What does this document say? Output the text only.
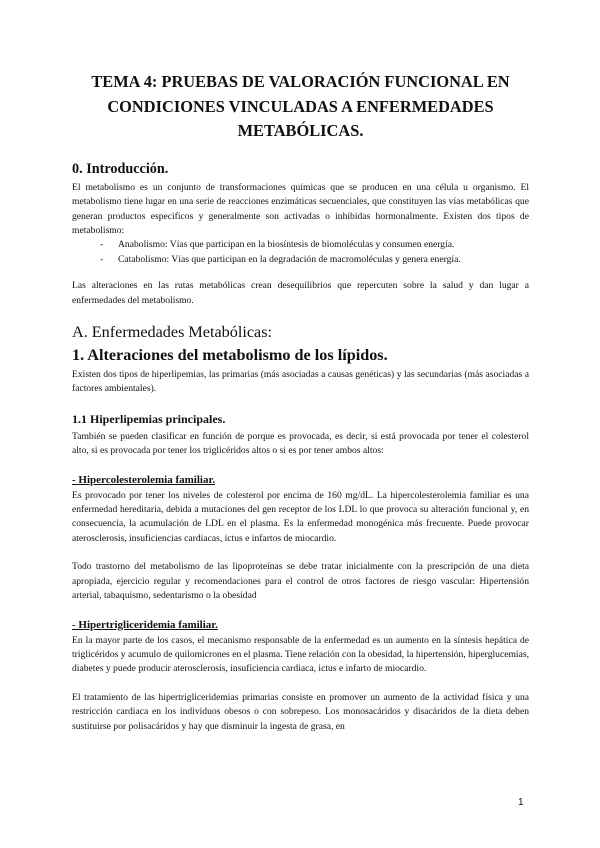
TEMA 4: PRUEBAS DE VALORACIÓN FUNCIONAL EN CONDICIONES VINCULADAS A ENFERMEDADES METABÓLICAS.
0. Introducción.

El metabolismo es un conjunto de transformaciones químicas que se producen en una célula u organismo. El metabolismo tiene lugar en una serie de reacciones enzimáticas secuenciales, que constituyen las vías metabólicas que generan productos específicos y generalmente son activadas o inhibidas hormonalmente. Existen dos tipos de metabolismo:

- Anabolismo: Vías que participan en la biosíntesis de biomoléculas y consumen energía.
- Catabolismo: Vías que participan en la degradación de macromoléculas y genera energía.

Las alteraciones en las rutas metabólicas crean desequilibrios que repercuten sobre la salud y dan lugar a enfermedades del metabolismo.

A. Enfermedades Metabólicas:
1. Alteraciones del metabolismo de los lípidos.

Existen dos tipos de hiperlipemias, las primarias (más asociadas a causas genéticas) y las secundarias (más asociadas a factores ambientales).

1.1 Hiperlipemias principales.

También se pueden clasificar en función de porque es provocada, es decir, si está provocada por tener el colesterol alto, si es provocada por tener los triglicéridos altos o si es por tener ambos altos:

- Hipercolesterolemia familiar.

Es provocado por tener los niveles de colesterol por encima de 160 mg/dL. La hipercolesterolemia familiar es una enfermedad hereditaria, debida a mutaciones del gen receptor de los LDL lo que provoca su alteración funcional y, en consecuencia, la acumulación de LDL en el plasma. Es la enfermedad monogénica más frecuente. Puede provocar aterosclerosis, insuficiencias cardiacas, ictus e infartos de miocardio.

Todo trastorno del metabolismo de las lipoproteínas se debe tratar inicialmente con la prescripción de una dieta apropiada, ejercicio regular y recomendaciones para el control de otros factores de riesgo vascular: Hipertensión arterial, tabaquismo, sedentarismo o la obesidad

- Hipertrigliceridemia familiar.

En la mayor parte de los casos, el mecanismo responsable de la enfermedad es un aumento en la síntesis hepática de triglicéridos y acumulo de quilomicrones en el plasma. Tiene relación con la obesidad, la hipertensión, hiperglucemias, diabetes y puede producir aterosclerosis, insuficiencia cardiaca, ictus e infarto de miocardio.

El tratamiento de las hipertrigliceridemias primarias consiste en promover un aumento de la actividad física y una restricción cardiaca en los individuos obesos o con sobrepeso. Los monosacáridos y disacáridos de la dieta deben sustituirse por polisacáridos y hay que disminuir la ingesta de grasa, en

1
